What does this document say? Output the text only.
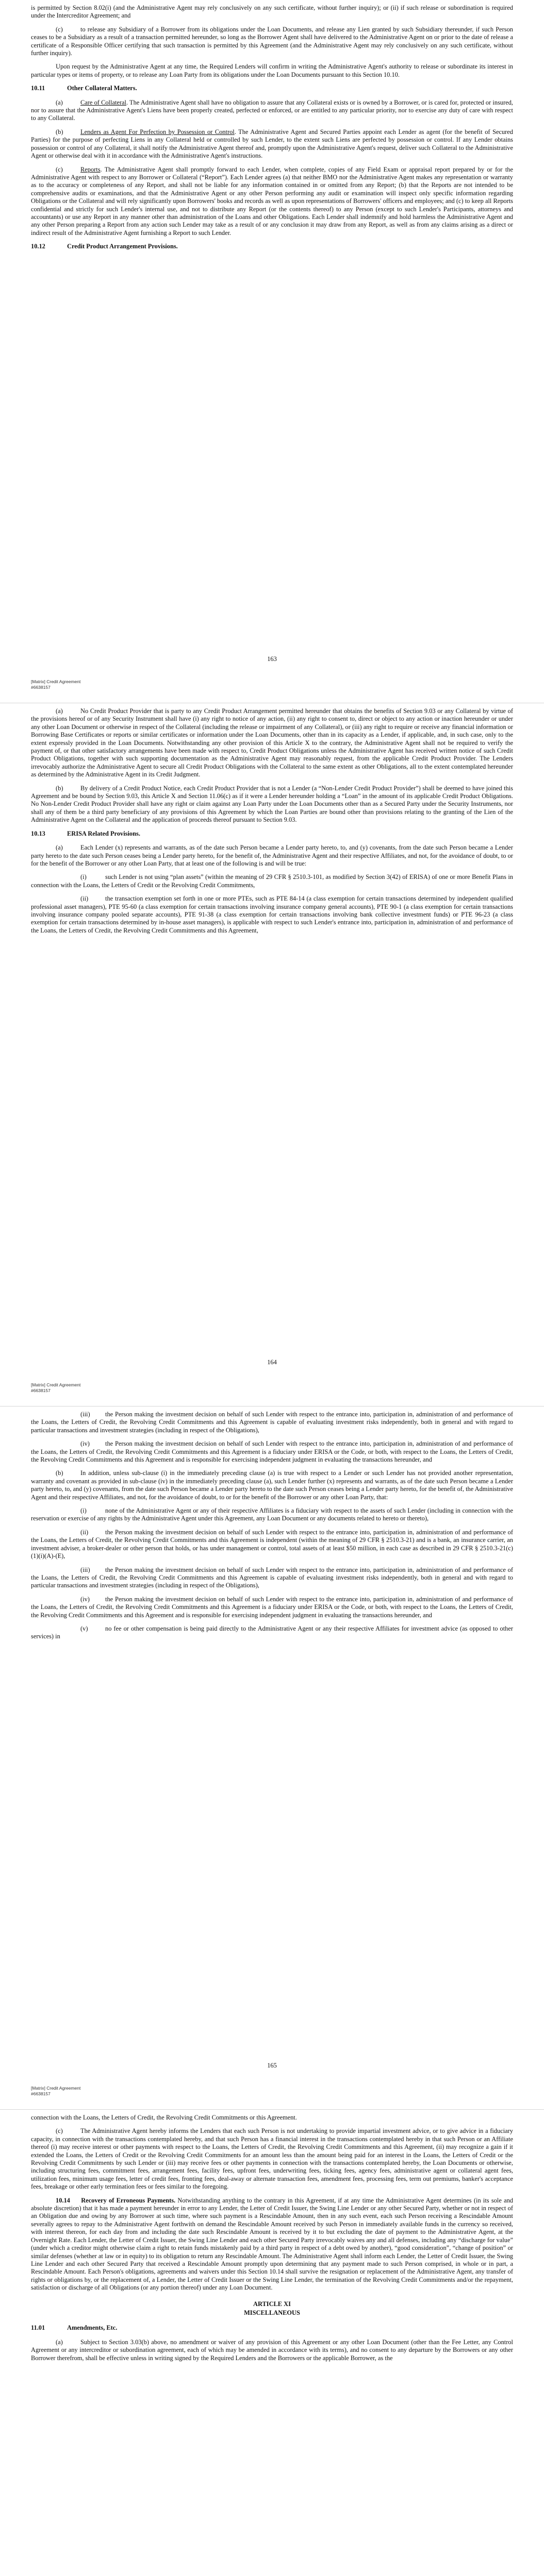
is permitted by Section 8.02(i) (and the Administrative Agent may rely conclusively on any such certificate, without further inquiry); or (ii) if such release or subordination is required under the Intercreditor Agreement; and

(c)	to release any Subsidiary of a Borrower from its obligations under the Loan Documents, and release any Lien granted by such Subsidiary thereunder, if such Person ceases to be a Subsidiary as a result of a transaction permitted hereunder, so long as the Borrower Agent shall have delivered to the Administrative Agent on or prior to the date of release a certificate of a Responsible Officer certifying that such transaction is permitted by this Agreement (and the Administrative Agent may rely conclusively on any such certificate, without further inquiry).

Upon request by the Administrative Agent at any time, the Required Lenders will confirm in writing the Administrative Agent's authority to release or subordinate its interest in particular types or items of property, or to release any Loan Party from its obligations under the Loan Documents pursuant to this Section 10.10.

10.11	Other Collateral Matters.

(a)	Care of Collateral. The Administrative Agent shall have no obligation to assure that any Collateral exists or is owned by a Borrower, or is cared for, protected or insured, nor to assure that the Administrative Agent's Liens have been properly created, perfected or enforced, or are entitled to any particular priority, nor to exercise any duty of care with respect to any Collateral.

(b)	Lenders as Agent For Perfection by Possession or Control. The Administrative Agent and Secured Parties appoint each Lender as agent (for the benefit of Secured Parties) for the purpose of perfecting Liens in any Collateral held or controlled by such Lender, to the extent such Liens are perfected by possession or control. If any Lender obtains possession or control of any Collateral, it shall notify the Administrative Agent thereof and, promptly upon the Administrative Agent's request, deliver such Collateral to the Administrative Agent or otherwise deal with it in accordance with the Administrative Agent's instructions.

(c)	Reports. The Administrative Agent shall promptly forward to each Lender, when complete, copies of any Field Exam or appraisal report prepared by or for the Administrative Agent with respect to any Borrower or Collateral (“Report”). Each Lender agrees (a) that neither BMO nor the Administrative Agent makes any representation or warranty as to the accuracy or completeness of any Report, and shall not be liable for any information contained in or omitted from any Report; (b) that the Reports are not intended to be comprehensive audits or examinations, and that the Administrative Agent or any other Person performing any audit or examination will inspect only specific information regarding Obligations or the Collateral and will rely significantly upon Borrowers' books and records as well as upon representations of Borrowers' officers and employees; and (c) to keep all Reports confidential and strictly for such Lender's internal use, and not to distribute any Report (or the contents thereof) to any Person (except to such Lender's Participants, attorneys and accountants) or use any Report in any manner other than administration of the Loans and other Obligations. Each Lender shall indemnify and hold harmless the Administrative Agent and any other Person preparing a Report from any action such Lender may take as a result of or any conclusion it may draw from any Report, as well as from any claims arising as a direct or indirect result of the Administrative Agent furnishing a Report to such Lender.

10.12	Credit Product Arrangement Provisions.
163
[Matrix] Credit Agreement
#6638157

(a)	No Credit Product Provider that is party to any Credit Product Arrangement permitted hereunder that obtains the benefits of Section 9.03 or any Collateral by virtue of the provisions hereof or of any Security Instrument shall have (i) any right to notice of any action, (ii) any right to consent to, direct or object to any action or inaction hereunder or under any other Loan Document or otherwise in respect of the Collateral (including the release or impairment of any Collateral), or (iii) any right to require or receive any financial information or Borrowing Base Certificates or reports or similar certificates or information under the Loan Documents, other than in its capacity as a Lender, if applicable, and, in such case, only to the extent expressly provided in the Loan Documents. Notwithstanding any other provision of this Article X to the contrary, the Administrative Agent shall not be required to verify the payment of, or that other satisfactory arrangements have been made with respect to, Credit Product Obligations unless the Administrative Agent has received written notice of such Credit Product Obligations, together with such supporting documentation as the Administrative Agent may reasonably request, from the applicable Credit Product Provider. The Lenders irrevocably authorize the Administrative Agent to secure all Credit Product Obligations with the Collateral to the same extent as other Obligations, all to the extent contemplated hereunder as determined by the Administrative Agent in its Credit Judgment.

(b)	By delivery of a Credit Product Notice, each Credit Product Provider that is not a Lender (a “Non-Lender Credit Product Provider”) shall be deemed to have joined this Agreement and be bound by Section 9.03, this Article X and Section 11.06(c) as if it were a Lender hereunder holding a “Loan” in the amount of its applicable Credit Product Obligations. No Non-Lender Credit Product Provider shall have any right or claim against any Loan Party under the Loan Documents other than as a Secured Party under the Security Instruments, nor shall any of them be a third party beneficiary of any provisions of this Agreement by which the Loan Parties are bound other than provisions relating to the granting of the Lien of the Administrative Agent on the Collateral and the application of proceeds thereof pursuant to Section 9.03.

10.13	ERISA Related Provisions.

(a)	Each Lender (x) represents and warrants, as of the date such Person became a Lender party hereto, to, and (y) covenants, from the date such Person became a Lender party hereto to the date such Person ceases being a Lender party hereto, for the benefit of, the Administrative Agent and their respective Affiliates, and not, for the avoidance of doubt, to or for the benefit of the Borrower or any other Loan Party, that at least one of the following is and will be true:

(i)	such Lender is not using “plan assets” (within the meaning of 29 CFR § 2510.3-101, as modified by Section 3(42) of ERISA) of one or more Benefit Plans in connection with the Loans, the Letters of Credit or the Revolving Credit Commitments,

(ii)	the transaction exemption set forth in one or more PTEs, such as PTE 84-14 (a class exemption for certain transactions determined by independent qualified professional asset managers), PTE 95-60 (a class exemption for certain transactions involving insurance company general accounts), PTE 90-1 (a class exemption for certain transactions involving insurance company pooled separate accounts), PTE 91-38 (a class exemption for certain transactions involving bank collective investment funds) or PTE 96-23 (a class exemption for certain transactions determined by in-house asset managers), is applicable with respect to such Lender's entrance into, participation in, administration of and performance of the Loans, the Letters of Credit, the Revolving Credit Commitments and this Agreement,

164
[Matrix] Credit Agreement
#6638157

(iii) the Person making the investment decision on behalf of such Lender with respect to the entrance into, participation in, administration of and performance of the Loans, the Letters of Credit, the Revolving Credit Commitments and this Agreement is capable of evaluating investment risks independently, both in general and with regard to particular transactions and investment strategies (including in respect of the Obligations),

(iv) the Person making the investment decision on behalf of such Lender with respect to the entrance into, participation in, administration of and performance of the Loans, the Letters of Credit, the Revolving Credit Commitments and this Agreement is a fiduciary under ERISA or the Code, or both, with respect to the Loans, the Letters of Credit, the Revolving Credit Commitments and this Agreement and is responsible for exercising independent judgment in evaluating the transactions hereunder, and

(b)	In addition, unless sub-clause (i) in the immediately preceding clause (a) is true with respect to a Lender or such Lender has not provided another representation, warranty and covenant as provided in sub-clause (iv) in the immediately preceding clause (a), such Lender further (x) represents and warrants, as of the date such Person became a Lender party hereto, to, and (y) covenants, from the date such Person became a Lender party hereto to the date such Person ceases being a Lender party hereto, for the benefit of, the Administrative Agent and their respective Affiliates, and not, for the avoidance of doubt, to or for the benefit of the Borrower or any other Loan Party, that:

(i)	none of the Administrative Agent or any of their respective Affiliates is a fiduciary with respect to the assets of such Lender (including in connection with the reservation or exercise of any rights by the Administrative Agent under this Agreement, any Loan Document or any documents related to hereto or thereto),

(ii)	the Person making the investment decision on behalf of such Lender with respect to the entrance into, participation in, administration of and performance of the Loans, the Letters of Credit, the Revolving Credit Commitments and this Agreement is independent (within the meaning of 29 CFR § 2510.3-21) and is a bank, an insurance carrier, an investment adviser, a broker-dealer or other person that holds, or has under management or control, total assets of at least $50 million, in each case as described in 29 CFR § 2510.3-21(c)(1)(i)(A)-(E),

(iii) the Person making the investment decision on behalf of such Lender with respect to the entrance into, participation in, administration of and performance of the Loans, the Letters of Credit, the Revolving Credit Commitments and this Agreement is capable of evaluating investment risks independently, both in general and with regard to particular transactions and investment strategies (including in respect of the Obligations),

(iv) the Person making the investment decision on behalf of such Lender with respect to the entrance into, participation in, administration of and performance of the Loans, the Letters of Credit, the Revolving Credit Commitments and this Agreement is a fiduciary under ERISA or the Code, or both, with respect to the Loans, the Letters of Credit, the Revolving Credit Commitments and this Agreement and is responsible for exercising independent judgment in evaluating the transactions hereunder, and

(v)	no fee or other compensation is being paid directly to the Administrative Agent or any their respective Affiliates for investment advice (as opposed to other services) in

165
[Matrix] Credit Agreement
#6638157

connection with the Loans, the Letters of Credit, the Revolving Credit Commitments or this Agreement.

(c)	The Administrative Agent hereby informs the Lenders that each such Person is not undertaking to provide impartial investment advice, or to give advice in a fiduciary capacity, in connection with the transactions contemplated hereby, and that such Person has a financial interest in the transactions contemplated hereby in that such Person or an Affiliate thereof (i) may receive interest or other payments with respect to the Loans, the Letters of Credit, the Revolving Credit Commitments and this Agreement, (ii) may recognize a gain if it extended the Loans, the Letters of Credit or the Revolving Credit Commitments for an amount less than the amount being paid for an interest in the Loans, the Letters of Credit or the Revolving Credit Commitments by such Lender or (iii) may receive fees or other payments in connection with the transactions contemplated hereby, the Loan Documents or otherwise, including structuring fees, commitment fees, arrangement fees, facility fees, upfront fees, underwriting fees, ticking fees, agency fees, administrative agent or collateral agent fees, utilization fees, minimum usage fees, letter of credit fees, fronting fees, deal-away or alternate transaction fees, amendment fees, processing fees, term out premiums, banker's acceptance fees, breakage or other early termination fees or fees similar to the foregoing.

10.14 Recovery of Erroneous Payments. Notwithstanding anything to the contrary in this Agreement, if at any time the Administrative Agent determines (in its sole and absolute discretion) that it has made a payment hereunder in error to any Lender, the Letter of Credit Issuer, the Swing Line Lender or any other Secured Party, whether or not in respect of an Obligation due and owing by any Borrower at such time, where such payment is a Rescindable Amount, then in any such event, each such Person receiving a Rescindable Amount severally agrees to repay to the Administrative Agent forthwith on demand the Rescindable Amount received by such Person in immediately available funds in the currency so received, with interest thereon, for each day from and including the date such Rescindable Amount is received by it to but excluding the date of payment to the Administrative Agent, at the Overnight Rate. Each Lender, the Letter of Credit Issuer, the Swing Line Lender and each other Secured Party irrevocably waives any and all defenses, including any “discharge for value” (under which a creditor might otherwise claim a right to retain funds mistakenly paid by a third party in respect of a debt owed by another), “good consideration”, “change of position” or similar defenses (whether at law or in equity) to its obligation to return any Rescindable Amount. The Administrative Agent shall inform each Lender, the Letter of Credit Issuer, the Swing Line Lender and each other Secured Party that received a Rescindable Amount promptly upon determining that any payment made to such Person comprised, in whole or in part, a Rescindable Amount. Each Person's obligations, agreements and waivers under this Section 10.14 shall survive the resignation or replacement of the Administrative Agent, any transfer of rights or obligations by, or the replacement of, a Lender, the Letter of Credit Issuer or the Swing Line Lender, the termination of the Revolving Credit Commitments and/or the repayment, satisfaction or discharge of all Obligations (or any portion thereof) under any Loan Document.

ARTICLE XI
MISCELLANEOUS
11.01	Amendments, Etc.

(a)	Subject to Section 3.03(b) above, no amendment or waiver of any provision of this Agreement or any other Loan Document (other than the Fee Letter, any Control Agreement or any intercreditor or subordination agreement, each of which may be amended in accordance with its terms), and no consent to any departure by the Borrowers or any other Borrower therefrom, shall be effective unless in writing signed by the Required Lenders and the Borrowers or the applicable Borrower, as the
